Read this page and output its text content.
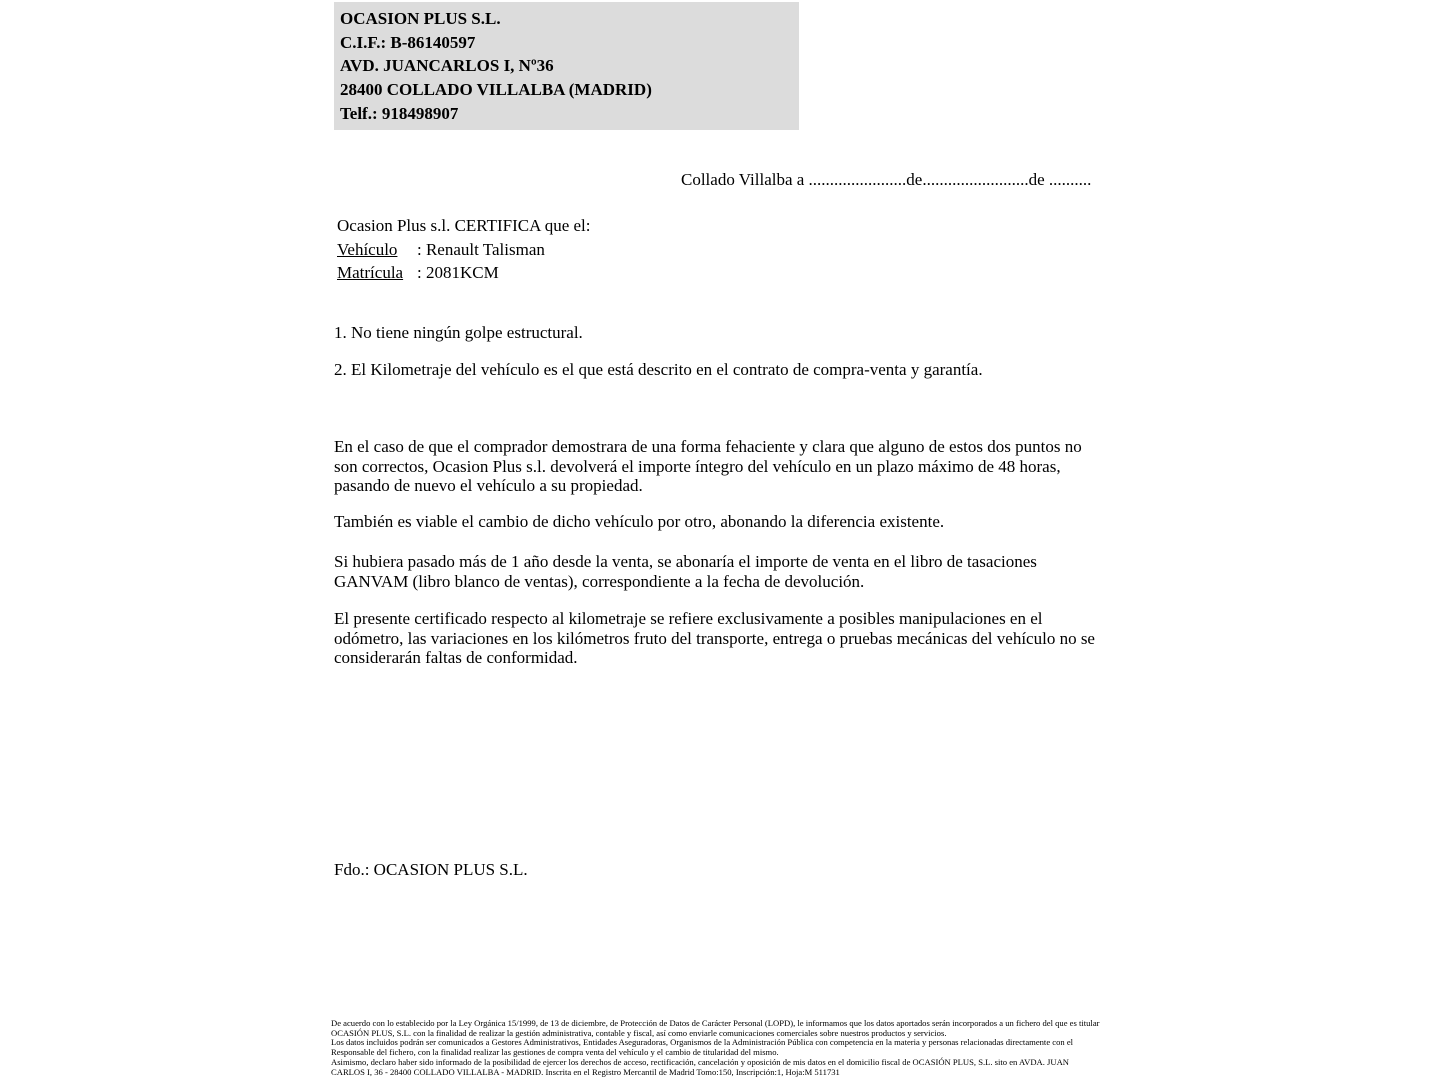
OCASION PLUS S.L.
C.I.F.: B-86140597
AVD. JUANCARLOS I, Nº36
28400 COLLADO VILLALBA (MADRID)
Telf.: 918498907
Collado Villalba a .......................de.........................de ..........
Ocasion Plus s.l. CERTIFICA que el:
Vehículo : Renault Talisman
Matrícula : 2081KCM
1. No tiene ningún golpe estructural.
2. El Kilometraje del vehículo es el que está descrito en el contrato de compra-venta y garantía.
En el caso de que el comprador demostrara de una forma fehaciente y clara que alguno de estos dos puntos no son correctos, Ocasion Plus s.l. devolverá el importe íntegro del vehículo en un plazo máximo de 48 horas, pasando de nuevo el vehículo a su propiedad.
También es viable el cambio de dicho vehículo por otro, abonando la diferencia existente.
Si hubiera pasado más de 1 año desde la venta, se abonaría el importe de venta en el libro de tasaciones GANVAM (libro blanco de ventas), correspondiente a la fecha de devolución.
El presente certificado respecto al kilometraje se refiere exclusivamente a posibles manipulaciones en el odómetro, las variaciones en los kilómetros fruto del transporte, entrega o pruebas mecánicas del vehículo no se considerarán faltas de conformidad.
Fdo.: OCASION PLUS S.L.
De acuerdo con lo establecido por la Ley Orgánica 15/1999, de 13 de diciembre, de Protección de Datos de Carácter Personal (LOPD), le informamos que los datos aportados serán incorporados a un fichero del que es titular
OCASIÓN PLUS, S.L. con la finalidad de realizar la gestión administrativa, contable y fiscal, así como enviarle comunicaciones comerciales sobre nuestros productos y servicios.
Los datos incluidos podrán ser comunicados a Gestores Administrativos, Entidades Aseguradoras, Organismos de la Administración Pública con competencia en la materia y personas relacionadas directamente con el
Responsable del fichero, con la finalidad realizar las gestiones de compra venta del vehículo y el cambio de titularidad del mismo.
Asimismo, declaro haber sido informado de la posibilidad de ejercer los derechos de acceso, rectificación, cancelación y oposición de mis datos en el domicilio fiscal de OCASIÓN PLUS, S.L. sito en AVDA. JUAN
CARLOS I, 36 - 28400 COLLADO VILLALBA - MADRID. Inscrita en el Registro Mercantil de Madrid Tomo:150, Inscripción:1, Hoja:M 511731
